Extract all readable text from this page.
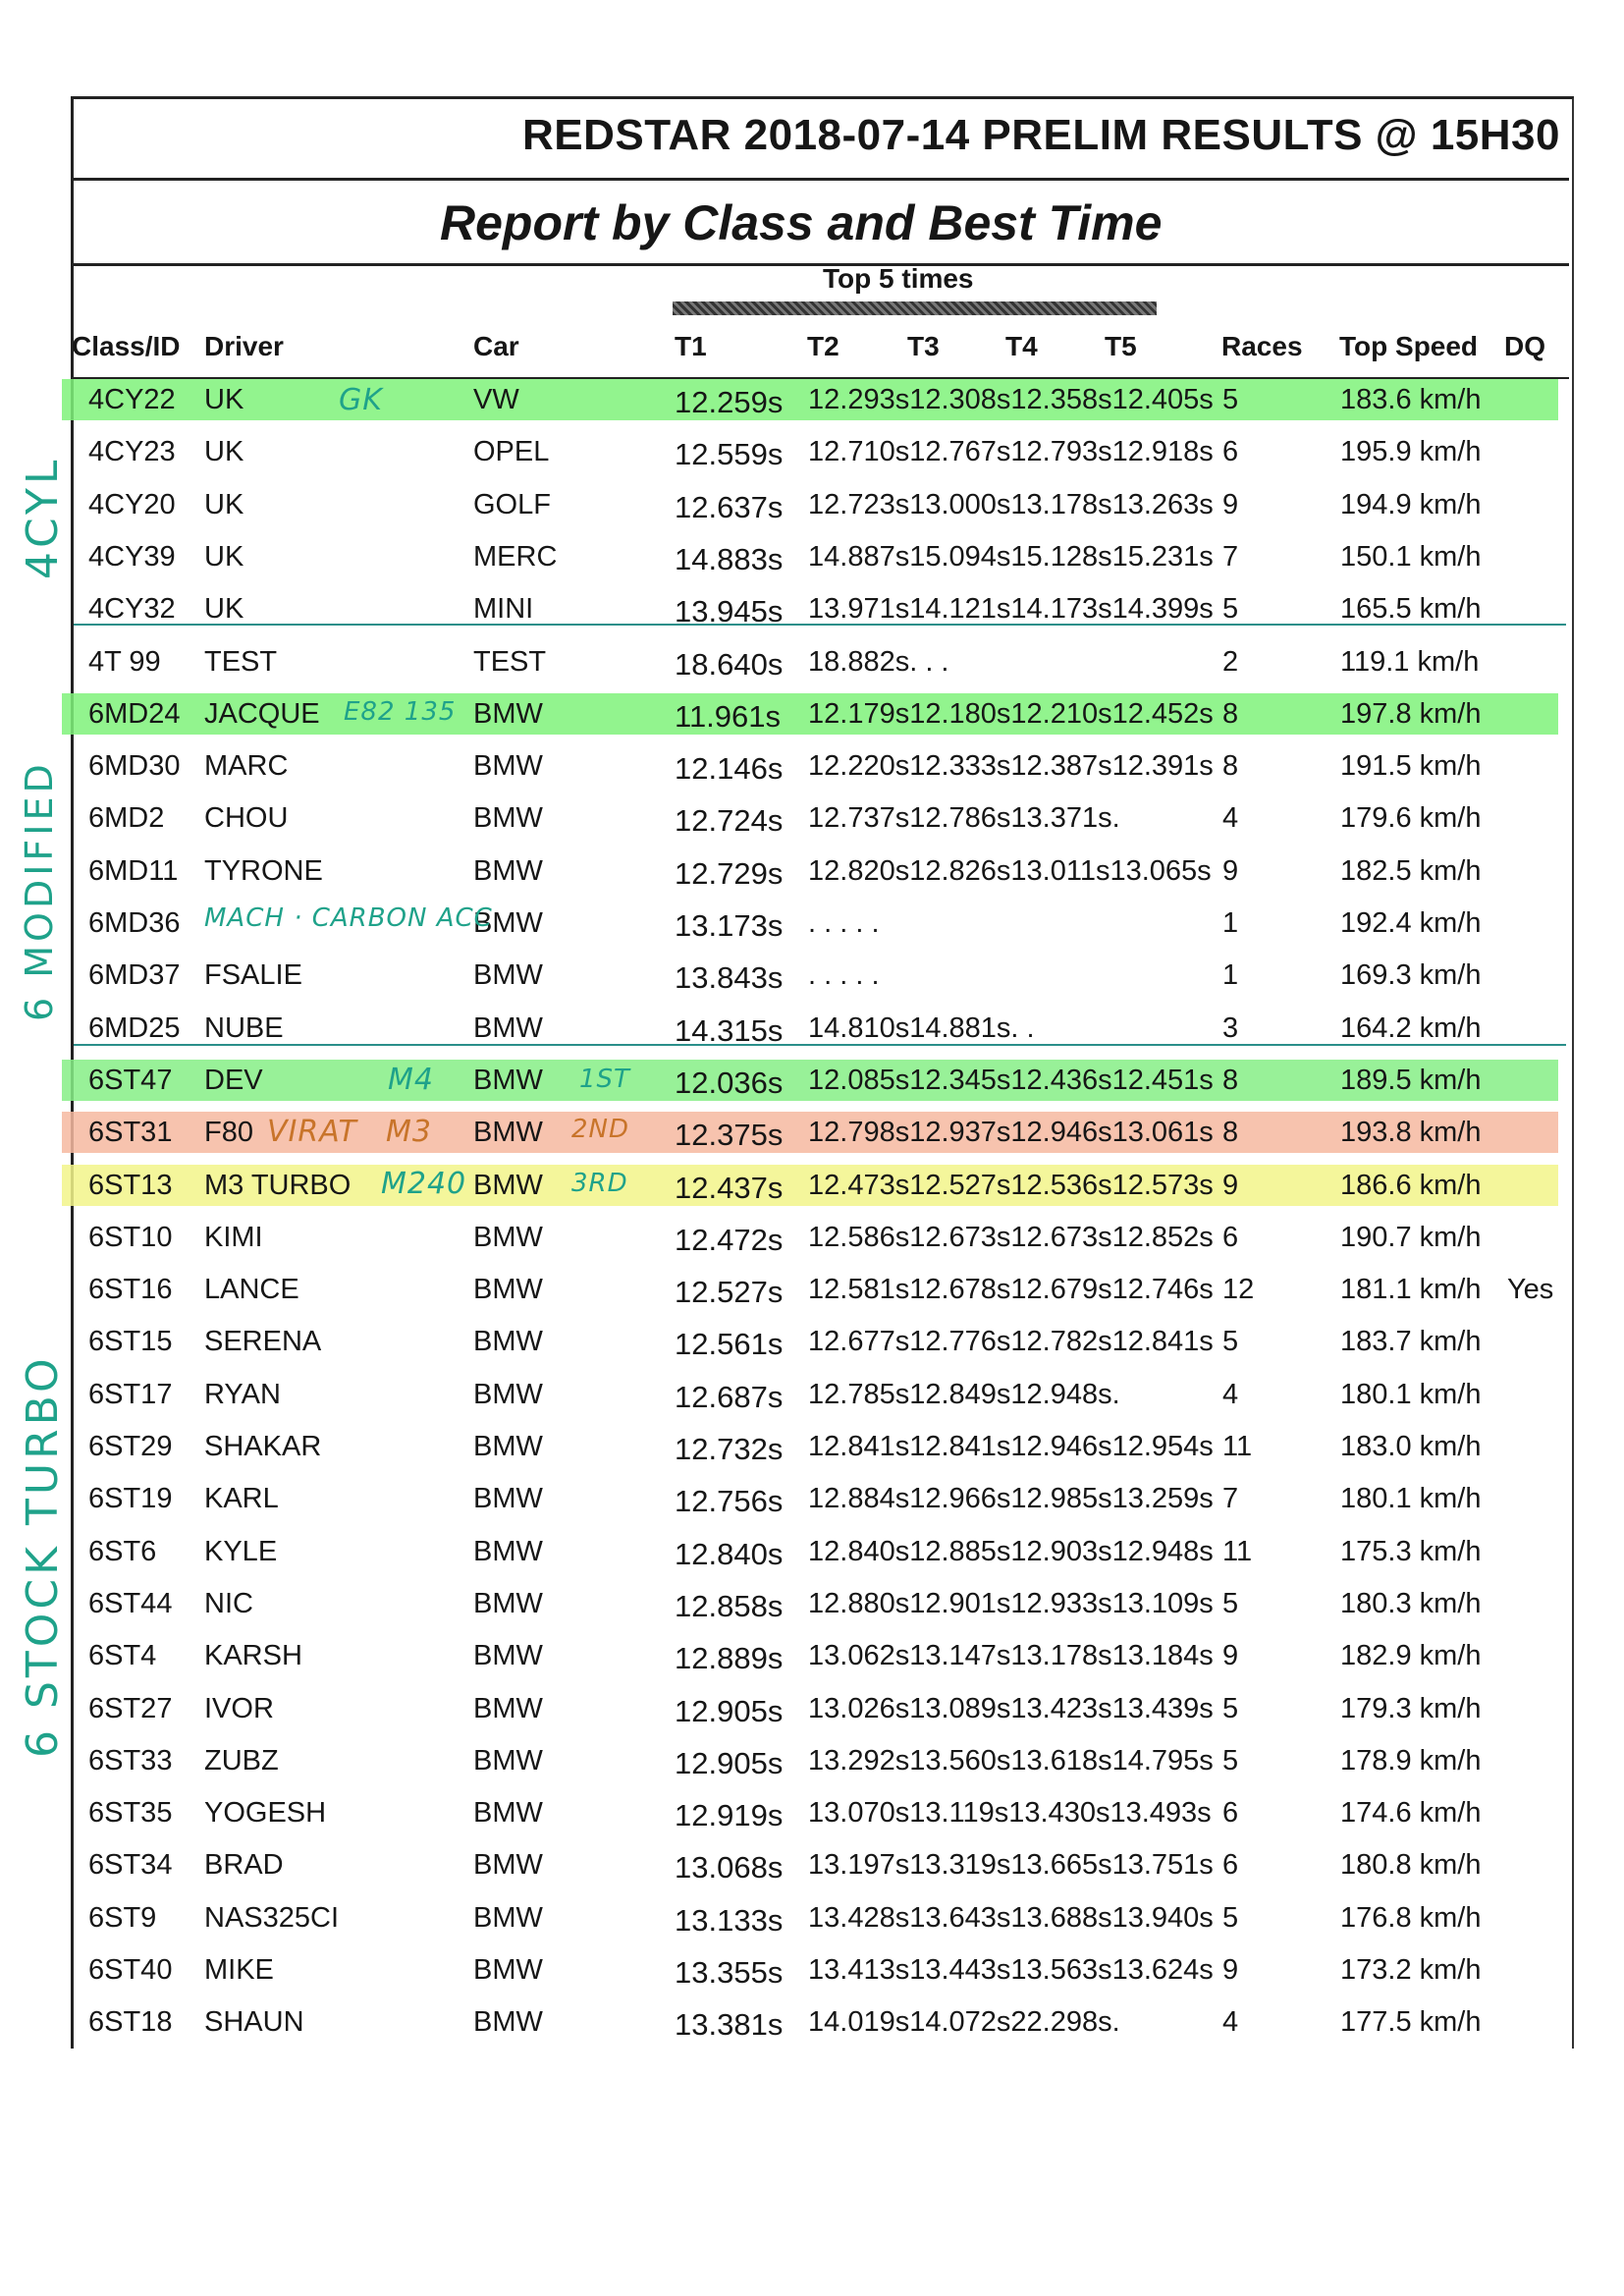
REDSTAR 2018-07-14 PRELIM RESULTS @ 15H30
Report by Class and Best Time
Top 5 times
Class/ID Driver	Car	T1	T2 T3 T4 T5	Races Top Speed DQ
4CY22 UK	VW	12.259s 12.293s12.308s12.358s12.405s 5	183.6 km/h
4CY23 UK	OPEL	12.559s 12.710s12.767s12.793s12.918s 6	195.9 km/h
4CY20 UK	GOLF	12.637s 12.723s13.000s13.178s13.263s 9	194.9 km/h
4CY39 UK	MERC	14.883s 14.887s15.094s15.128s15.231s 7	150.1 km/h
4CY32 UK	MINI	13.945s 13.971s14.121s14.173s14.399s 5	165.5 km/h
4T 99 TEST	TEST	18.640s 18.882s. . .	2	119.1 km/h
6MD24 JACQUE	BMW	11.961s 12.179s12.180s12.210s12.452s 8	197.8 km/h
6MD30 MARC	BMW	12.146s 12.220s12.333s12.387s12.391s 8	191.5 km/h
6MD2 CHOU	BMW	12.724s 12.737s12.786s13.371s.	4	179.6 km/h
6MD11 TYRONE	BMW	12.729s 12.820s12.826s13.011s13.065s 9	182.5 km/h
6MD36	BMW	13.173s . . . . .	1	192.4 km/h
6MD37 FSALIE	BMW	13.843s . . . . .	1	169.3 km/h
6MD25 NUBE	BMW	14.315s 14.810s14.881s. .	3	164.2 km/h
6ST47 DEV	BMW	12.036s 12.085s12.345s12.436s12.451s 8	189.5 km/h
6ST31 F80	BMW	12.375s 12.798s12.937s12.946s13.061s 8	193.8 km/h
6ST13 M3 TURBO	BMW	12.437s 12.473s12.527s12.536s12.573s 9	186.6 km/h
6ST10 KIMI	BMW	12.472s 12.586s12.673s12.673s12.852s 6	190.7 km/h
6ST16 LANCE	BMW	12.527s 12.581s12.678s12.679s12.746s 12	181.1 km/h Yes
6ST15 SERENA	BMW	12.561s 12.677s12.776s12.782s12.841s 5	183.7 km/h
6ST17 RYAN	BMW	12.687s 12.785s12.849s12.948s.	4	180.1 km/h
6ST29 SHAKAR	BMW	12.732s 12.841s12.841s12.946s12.954s 11	183.0 km/h
6ST19 KARL	BMW	12.756s 12.884s12.966s12.985s13.259s 7	180.1 km/h
6ST6 KYLE	BMW	12.840s 12.840s12.885s12.903s12.948s 11	175.3 km/h
6ST44 NIC	BMW	12.858s 12.880s12.901s12.933s13.109s 5	180.3 km/h
6ST4 KARSH	BMW	12.889s 13.062s13.147s13.178s13.184s 9	182.9 km/h
6ST27 IVOR	BMW	12.905s 13.026s13.089s13.423s13.439s 5	179.3 km/h
6ST33 ZUBZ	BMW	12.905s 13.292s13.560s13.618s14.795s 5	178.9 km/h
6ST35 YOGESH	BMW	12.919s 13.070s13.119s13.430s13.493s 6	174.6 km/h
6ST34 BRAD	BMW	13.068s 13.197s13.319s13.665s13.751s 6	180.8 km/h
6ST9 NAS325CI	BMW	13.133s 13.428s13.643s13.688s13.940s 5	176.8 km/h
6ST40 MIKE	BMW	13.355s 13.413s13.443s13.563s13.624s 9	173.2 km/h
6ST18 SHAUN	BMW	13.381s 14.019s14.072s22.298s.	4	177.5 km/h
GK
E82 135
MACH · CARBON ACC
M4	1ST
VIRAT M3	2ND
M240	3RD
4CYL
6 MODIFIED
6 STOCK TURBO
